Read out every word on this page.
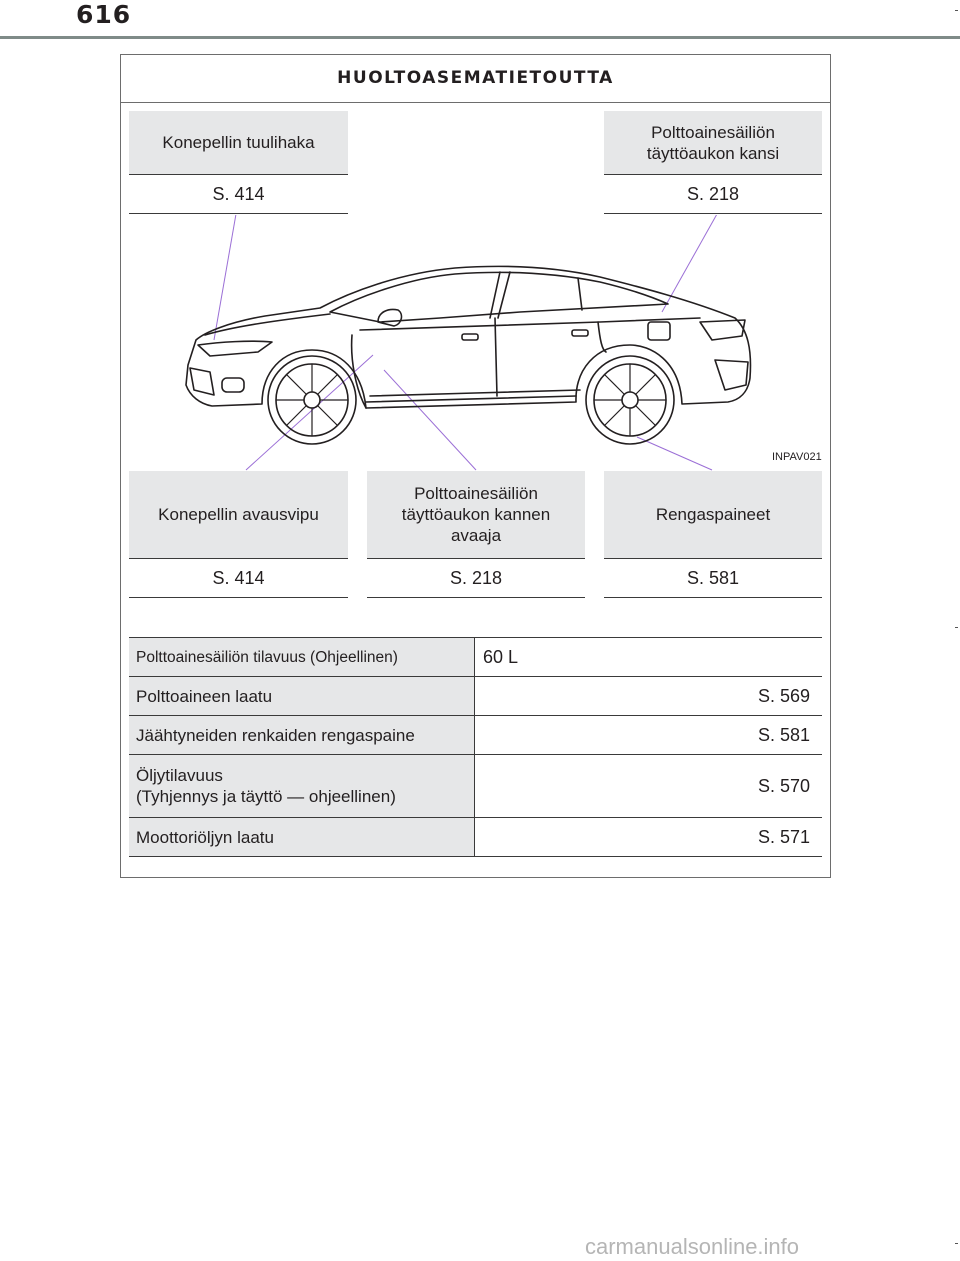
616
HUOLTOASEMATIETOUTTA
Konepellin tuulihaka
S. 414
Polttoainesäiliön täyttöaukon kansi
S. 218
INPAV021
Konepellin avausvipu
S. 414
Polttoainesäiliön täyttöaukon kannen avaaja
S. 218
Rengaspaineet
S. 581
Polttoainesäiliön tilavuus (Ohjeellinen)	60 L
Polttoaineen laatu	S. 569
Jäähtyneiden renkaiden rengaspaine	S. 581
Öljytilavuus
(Tyhjennys ja täyttö — ohjeellinen)
S. 570
Moottoriöljyn laatu	S. 571
carmanualsonline.info
